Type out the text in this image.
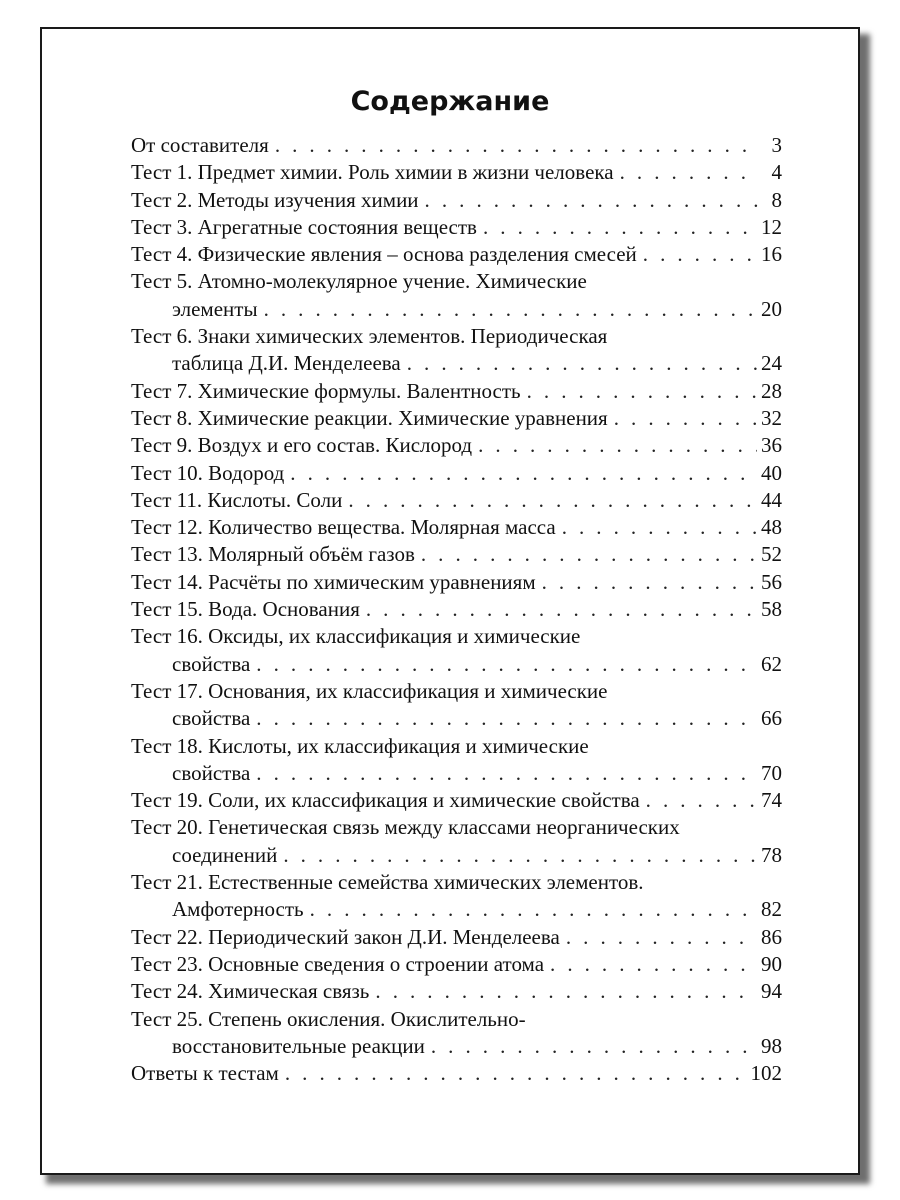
Содержание
От составителя . . .	3
Тест 1. Предмет химии. Роль химии в жизни человека . . .	4
Тест 2. Методы изучения химии . . .	8
Тест 3. Агрегатные состояния веществ . . .	12
Тест 4. Физические явления – основа разделения смесей . . .	16
Тест 5. Атомно-молекулярное учение. Химические
элементы . . .	20
Тест 6. Знаки химических элементов. Периодическая
таблица Д.И. Менделеева . . .	24
Тест 7. Химические формулы. Валентность . . .	28
Тест 8. Химические реакции. Химические уравнения . . .	32
Тест 9. Воздух и его состав. Кислород . . .	36
Тест 10. Водород . . .	40
Тест 11. Кислоты. Соли . . .	44
Тест 12. Количество вещества. Молярная масса . . .	48
Тест 13. Молярный объём газов . . .	52
Тест 14. Расчёты по химическим уравнениям . . .	56
Тест 15. Вода. Основания . . .	58
Тест 16. Оксиды, их классификация и химические
свойства . . .	62
Тест 17. Основания, их классификация и химические
свойства . . .	66
Тест 18. Кислоты, их классификация и химические
свойства . . .	70
Тест 19. Соли, их классификация и химические свойства . . .	74
Тест 20. Генетическая связь между классами неорганических
соединений . . .	78
Тест 21. Естественные семейства химических элементов.
Амфотерность . . .	82
Тест 22. Периодический закон Д.И. Менделеева . . .	86
Тест 23. Основные сведения о строении атома . . .	90
Тест 24. Химическая связь . . .	94
Тест 25. Степень окисления. Окислительно-
восстановительные реакции . . .	98
Ответы к тестам . . .	102
